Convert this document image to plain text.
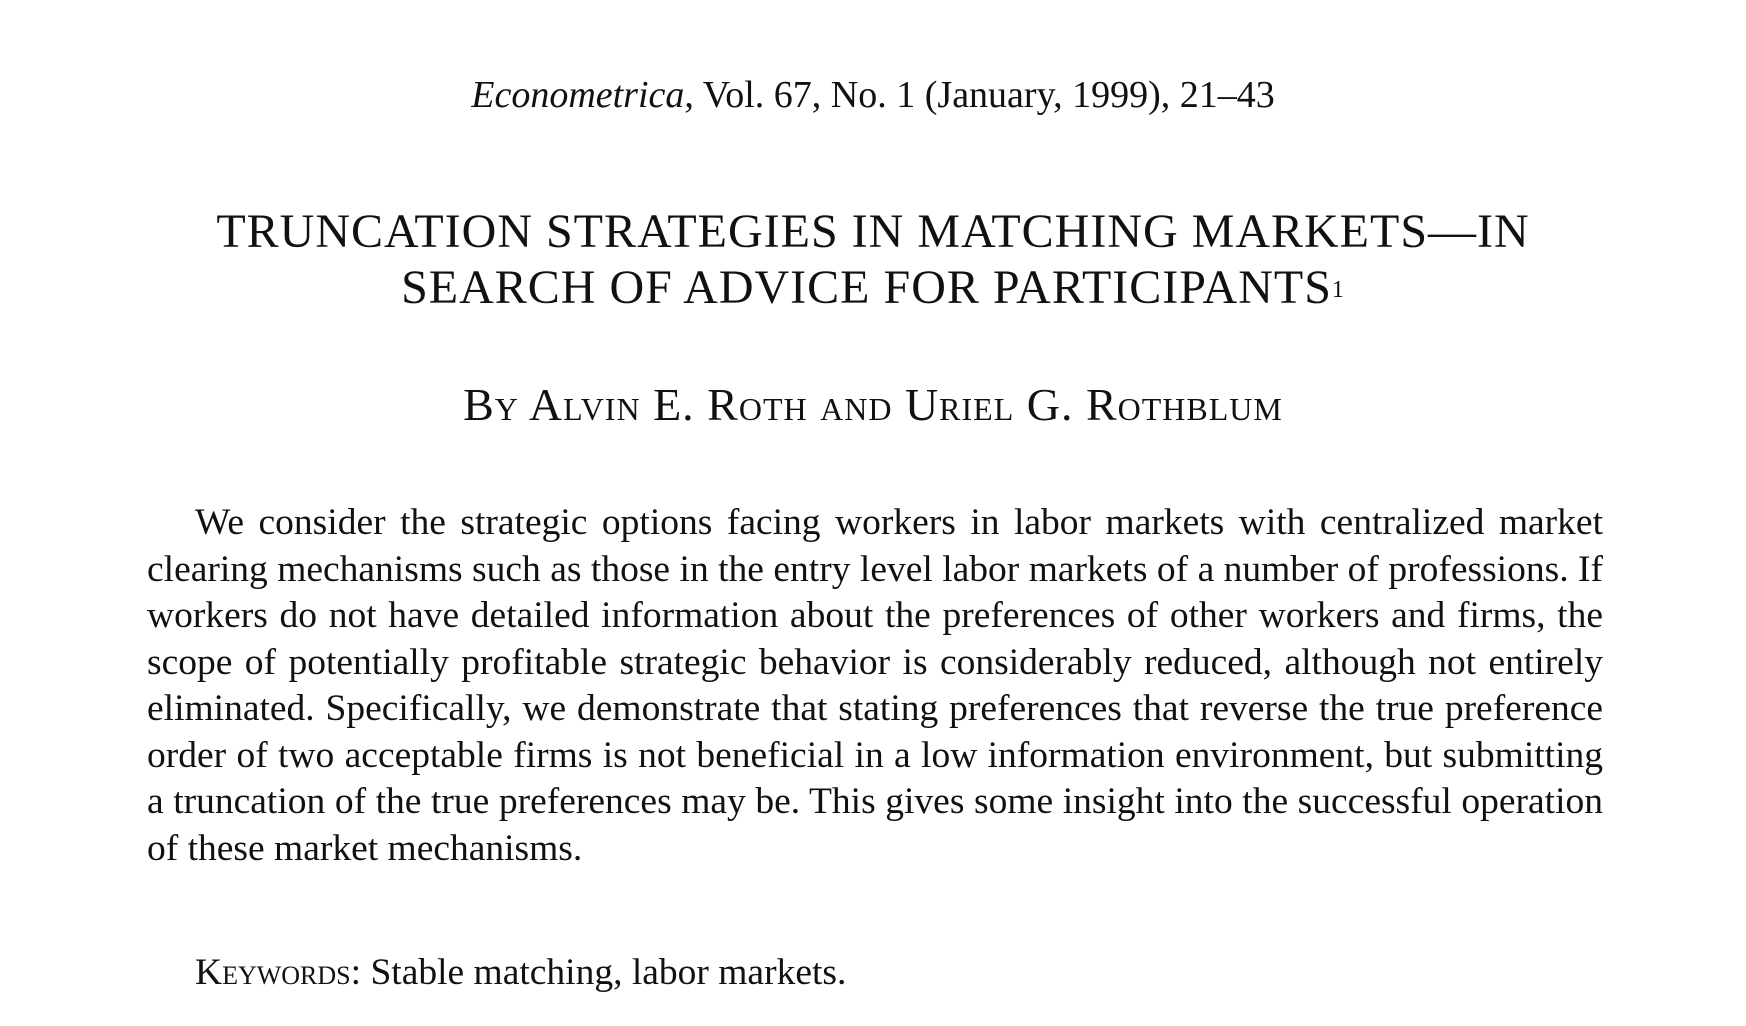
Econometrica, Vol. 67, No. 1 (January, 1999), 21–43
TRUNCATION STRATEGIES IN MATCHING MARKETS—IN SEARCH OF ADVICE FOR PARTICIPANTS$^1$
By Alvin E. Roth and Uriel G. Rothblum

We consider the strategic options facing workers in labor markets with centralized market clearing mechanisms such as those in the entry level labor markets of a number of professions. If workers do not have detailed information about the preferences of other workers and firms, the scope of potentially profitable strategic behavior is considerably reduced, although not entirely eliminated. Specifically, we demonstrate that stating preferences that reverse the true preference order of two acceptable firms is not beneficial in a low information environment, but submitting a truncation of the true preferences may be. This gives some insight into the successful operation of these market mechanisms.

Keywords: Stable matching, labor markets.
